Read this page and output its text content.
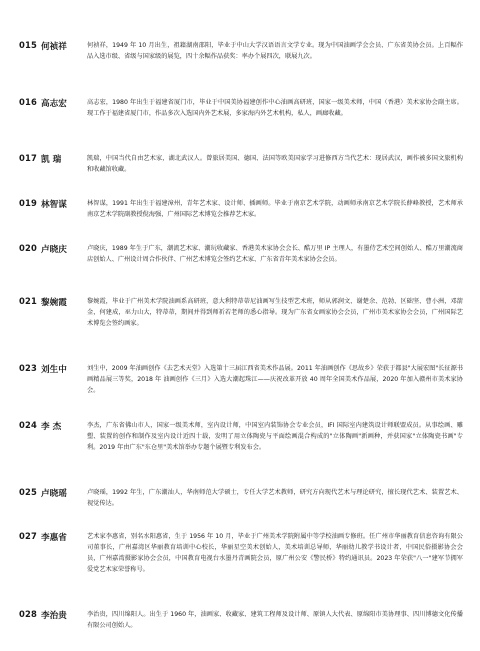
015 何祯祥	何祯祥，1949 年 10 月出生，祖籍湖南邵阳，毕业于中山大学汉语语言文学专业。现为中国油画学会会员、广东省美协会员。上百幅作品入选市级、省级与国家级的展览，四十余幅作品获奖：率办个展四次，联展九次。

016 高志宏	高志宏，1980 年出生于福建省厦门市，毕业于中国美协福建创作中心油画高研班，国家一级美术师，中国（香港）美术家协会副主席。现工作于福建省厦门市，作品多次入选国内外艺术展，多家海内外艺术机构，私人，画廊收藏。

017 凯 瑞	凯瑞，中国当代自由艺术家，湖北武汉人。曾旅居美国、德国、法国等欧美国家学习进修西方当代艺术：现居武汉，画作被多国文旅机构和收藏馆收藏。

019 林智谋	林智谋，1991 年出生于福建漳州，青年艺术家、设计师、插画师。毕业于南京艺术学院，动画师承南京艺术学院长薛峰教授，艺术师承南京艺术学院副教授倪海强，广州国际艺术博览会推荐艺术家。

020 卢晓庆	卢晓庆，1989 年生于广东，潮流艺术家、潮玩收藏家、香港美术家协会会长、酷万里 IP 主理人，有墨侍艺术空间创始人、酷万里潮流商店创始人、广州设计周合作伙伴、广州艺术博览会签约艺术家、广东省青年美术家协会会员。

021 黎婉霞	黎婉霞，毕业于广州美术学院油画系高研班，意大利特蒂蒂尼油画写生技型艺术班，师从郭润文、谢楚余、范勃、区础坚、曹小洲，邓箭金，何建成，巫力山大，特蒂蒂，期间并得到师祈若老师的悉心指导。现为广东省女画家协会会员，广州市美术家协会会员，广州国际艺术博览会签约画家。

023 刘生中	刘生中，2009 年油画创作《去艺术天堂》入选第十三届江西省美术作品展。2011 年油画创作《思故乡》荣获于都县"大展宏图"长征源书画精品展三等奖，2018 年 油画创作《三月》入选大潮起珠江——庆祝改革开放 40 周年全国美术作品展，2020 年加入赣州市美术家协会。

024 李 杰	李杰，广东省佛山市人，国家一级美术师，室内设计师，中国室内装饰协会专业会员，IFI 国际室内建筑设计师联盟成员。从事绘画、雕塑、装置的创作和制作及室内设计近四十载，发明了用立体陶瓷与平面绘画混合构成的"立体陶画"新画种，并获国家"立体陶瓷书画"专利。2019 年由广东"东仓里"美术馆举办专题个展暨专利发布会。

025 卢晓瑶	卢晓瑶，1992 年生，广东潮汕人，华南师范大学硕士，专任大学艺术教师，研究方向现代艺术与理论研究，擅长现代艺术、装置艺术、视觉传达。

027 李惠省	艺术家李惠省，别名水阳惠省，生于 1956 年 10 月，毕业于广州美术学院附属中等学校油画专修班。任广州市华丽教育信息咨询有限公司董事长，广州嘉湾区华丽教育培训中心校长，华丽星空美术创始人，美术培训总导师，华丽幼儿教学书设计者，中国民俗摄影协会会员，广州嘉湾摄影家协会会员，中国教育电视台水墨丹青画院会员，原广州公安《警民桥》特约通讯员。2023 年荣获"八一"建军节拥军爱党艺术家荣誉称号。

028 李治贵	李治贵，四川绵阳人。出生于 1960 年，油画家、收藏家、建筑工程师及设计师、原镇人大代表、原绵阳市美协理事、四川博德文化传播有限公司创始人。
